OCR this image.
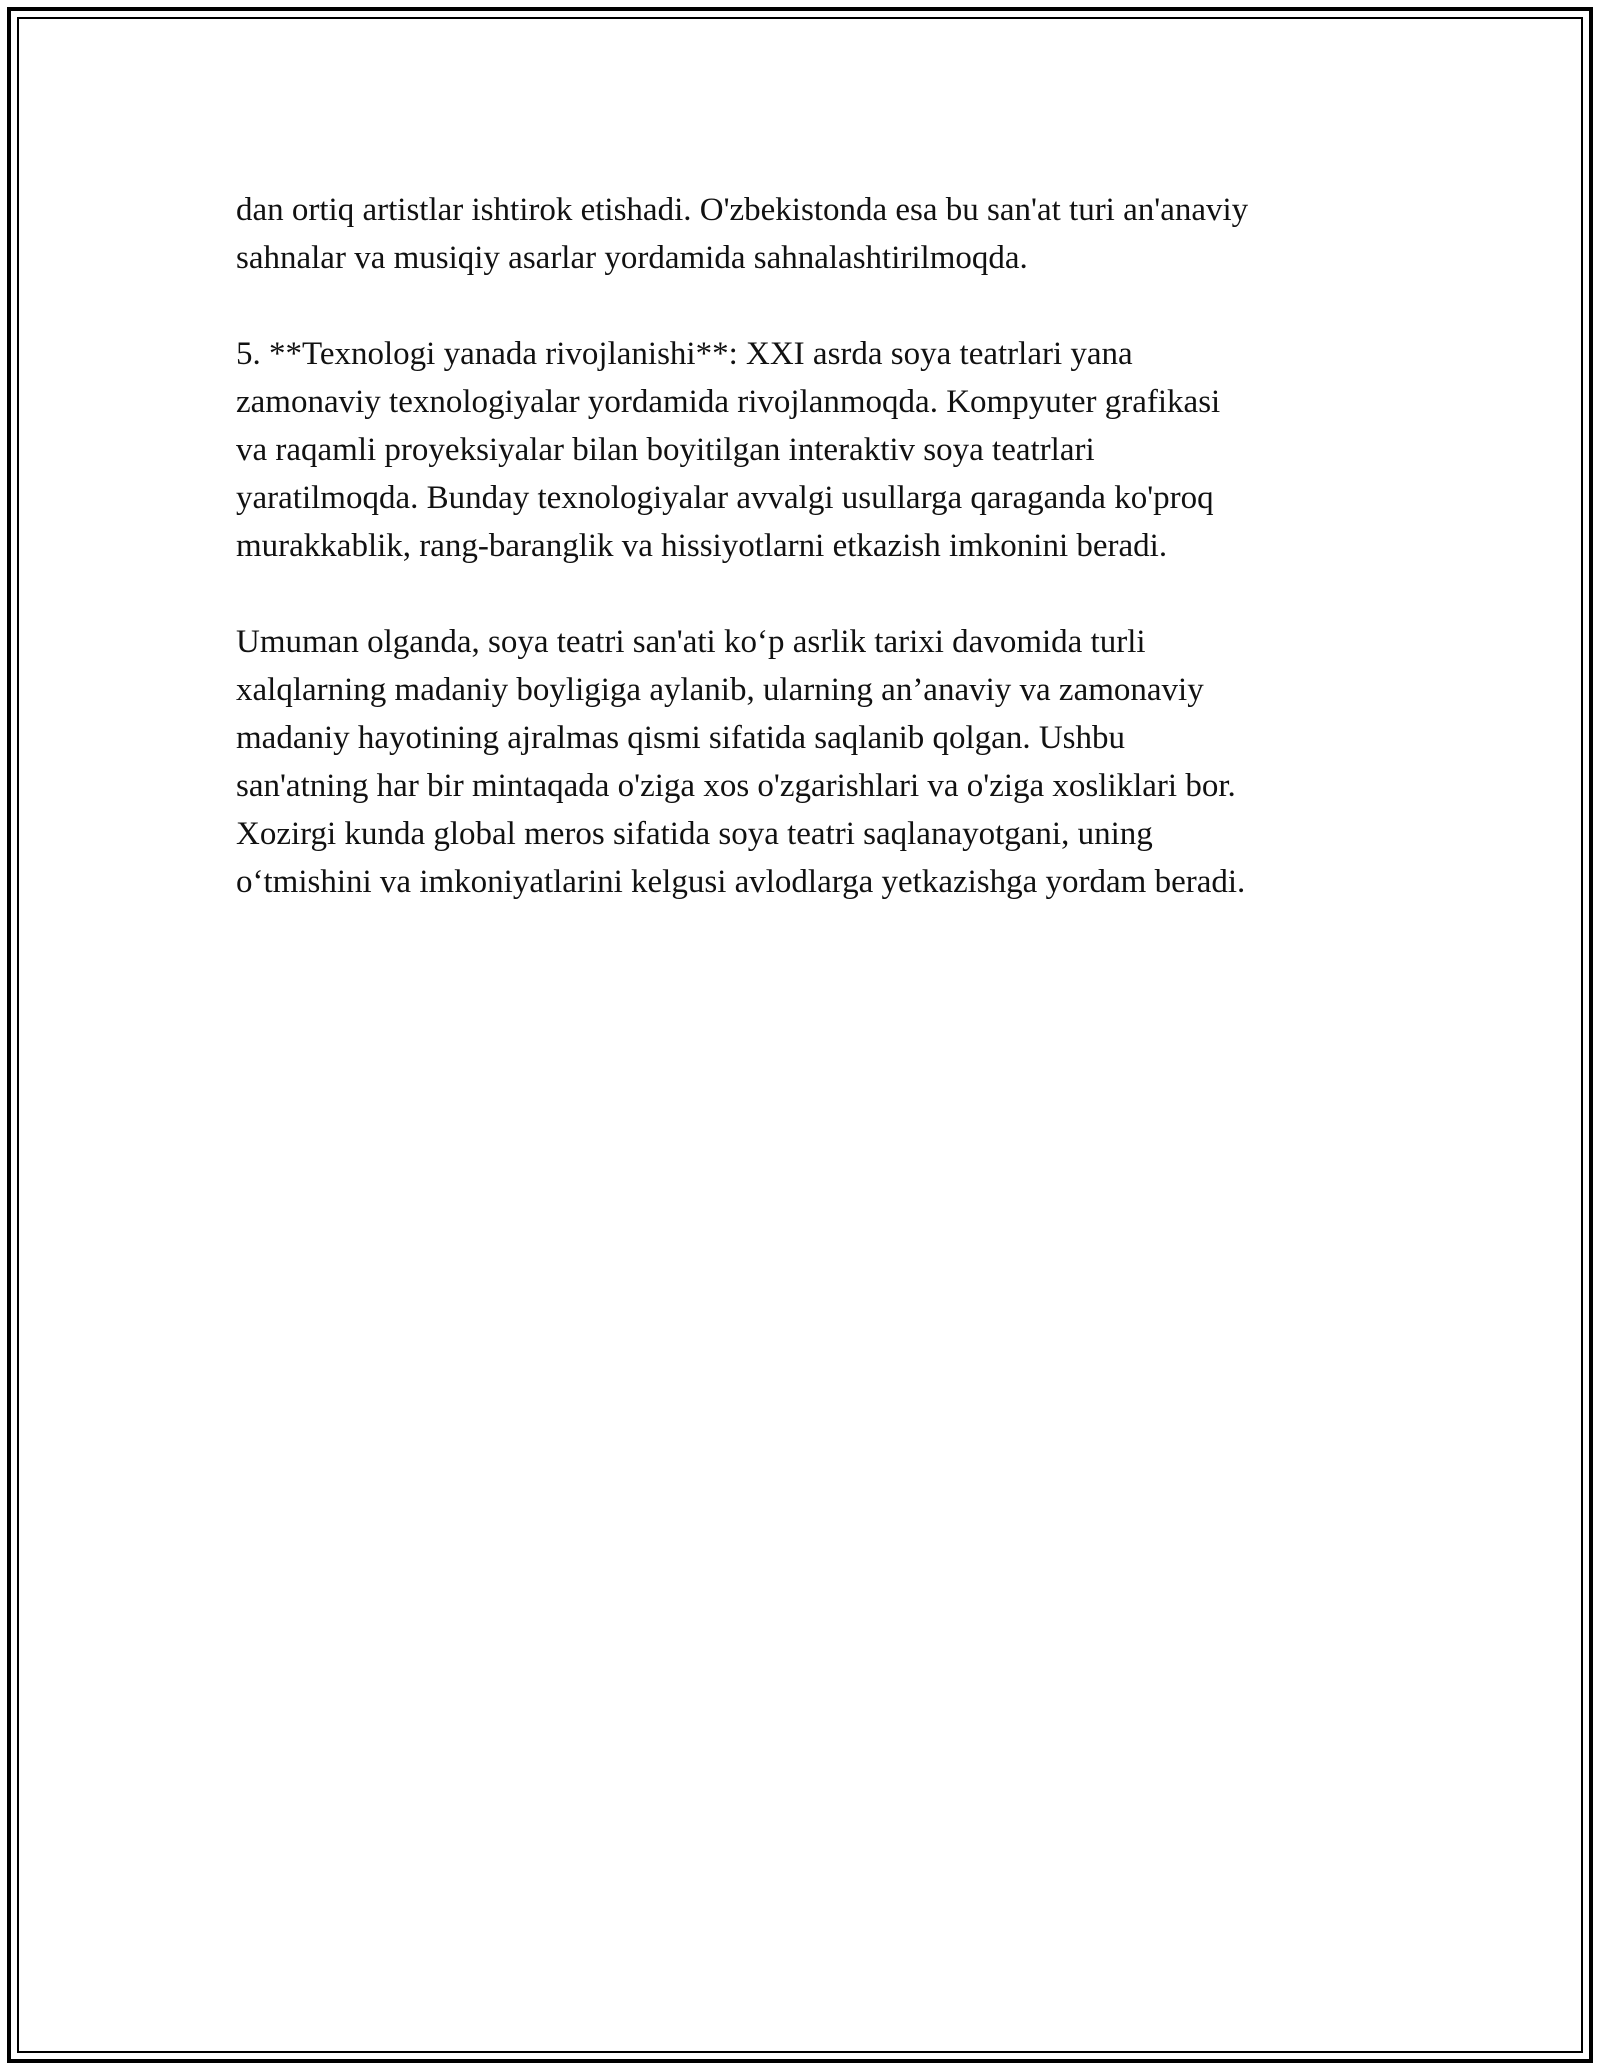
dan ortiq artistlar ishtirok etishadi. O'zbekistonda esa bu san'at turi an'anaviy
sahnalar va musiqiy asarlar yordamida sahnalashtirilmoqda.

5. **Texnologi yanada rivojlanishi**: XXI asrda soya teatrlari yana
zamonaviy texnologiyalar yordamida rivojlanmoqda. Kompyuter grafikasi
va raqamli proyeksiyalar bilan boyitilgan interaktiv soya teatrlari
yaratilmoqda. Bunday texnologiyalar avvalgi usullarga qaraganda ko'proq
murakkablik, rang-baranglik va hissiyotlarni etkazish imkonini beradi.

Umuman olganda, soya teatri san'ati ko‘p asrlik tarixi davomida turli
xalqlarning madaniy boyligiga aylanib, ularning an’anaviy va zamonaviy
madaniy hayotining ajralmas qismi sifatida saqlanib qolgan. Ushbu
san'atning har bir mintaqada o'ziga xos o'zgarishlari va o'ziga xosliklari bor.
Xozirgi kunda global meros sifatida soya teatri saqlanayotgani, uning
o‘tmishini va imkoniyatlarini kelgusi avlodlarga yetkazishga yordam beradi.
